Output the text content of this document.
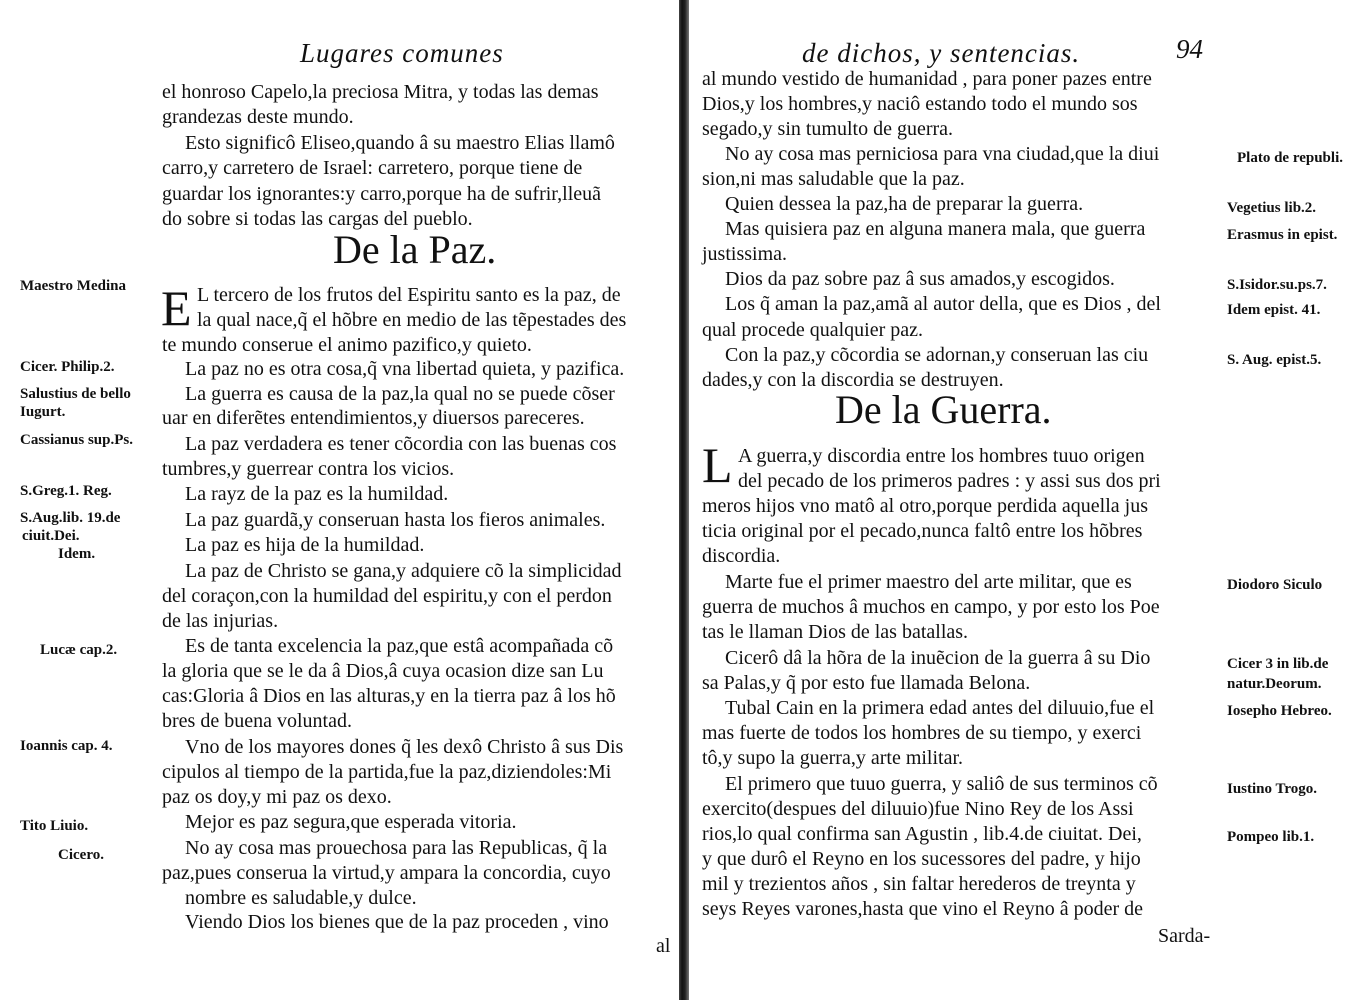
Lugares comunes
el honroso Capelo,la preciosa Mitra, y todas las demas
grandezas deste mundo.
Esto significô Eliseo,quando â su maestro Elias llamô
carro,y carretero de Israel: carretero, porque tiene de
guardar los ignorantes:y carro,porque ha de sufrir,lleuã
do sobre si todas las cargas del pueblo.
De la Paz.
E L tercero de los frutos del Espiritu santo es la paz, de
la qual nace,q̃ el hõbre en medio de las tẽpestades des
te mundo conserue el animo pazifico,y quieto.
La paz no es otra cosa,q̃ vna libertad quieta, y pazifica.
La guerra es causa de la paz,la qual no se puede cõser
uar en diferẽtes entendimientos,y diuersos pareceres.
La paz verdadera es tener cõcordia con las buenas cos
tumbres,y guerrear contra los vicios.
La rayz de la paz es la humildad.
La paz guardã,y conseruan hasta los fieros animales.
La paz es hija de la humildad.
La paz de Christo se gana,y adquiere cõ la simplicidad
del coraçon,con la humildad del espiritu,y con el perdon
de las injurias.
Es de tanta excelencia la paz,que estâ acompañada cõ
la gloria que se le da â Dios,â cuya ocasion dize san Lu
cas:Gloria â Dios en las alturas,y en la tierra paz â los hõ
bres de buena voluntad.
Vno de los mayores dones q̃ les dexô Christo â sus Dis
cipulos al tiempo de la partida,fue la paz,diziendoles:Mi
paz os doy,y mi paz os dexo.
Mejor es paz segura,que esperada vitoria.
No ay cosa mas prouechosa para las Republicas, q̃ la
paz,pues conserua la virtud,y ampara la concordia, cuyo
nombre es saludable,y dulce.
Viendo Dios los bienes que de la paz proceden , vino
al
Maestro Medina
Cicer. Philip.2.
Salustius de bello
Iugurt.
Cassianus sup.Ps.
S.Greg.1. Reg.
S.Aug.lib. 19.de
ciuit.Dei.
Idem.
Lucæ cap.2.
Ioannis cap. 4.
Tito Liuio.
Cicero.
de dichos, y sentencias.	94
al mundo vestido de humanidad , para poner pazes entre
Dios,y los hombres,y naciô estando todo el mundo sos
segado,y sin tumulto de guerra.
No ay cosa mas perniciosa para vna ciudad,que la diui
sion,ni mas saludable que la paz.
Quien dessea la paz,ha de preparar la guerra.
Mas quisiera paz en alguna manera mala, que guerra
justissima.
Dios da paz sobre paz â sus amados,y escogidos.
Los q̃ aman la paz,amã al autor della, que es Dios , del
qual procede qualquier paz.
Con la paz,y cõcordia se adornan,y conseruan las ciu
dades,y con la discordia se destruyen.
De la Guerra.
L A guerra,y discordia entre los hombres tuuo origen
del pecado de los primeros padres : y assi sus dos pri
meros hijos vno matô al otro,porque perdida aquella jus
ticia original por el pecado,nunca faltô entre los hõbres
discordia.
Marte fue el primer maestro del arte militar, que es
guerra de muchos â muchos en campo, y por esto los Poe
tas le llaman Dios de las batallas.
Cicerô dâ la hõra de la inuẽcion de la guerra â su Dio
sa Palas,y q̃ por esto fue llamada Belona.
Tubal Cain en la primera edad antes del diluuio,fue el
mas fuerte de todos los hombres de su tiempo, y exerci
tô,y supo la guerra,y arte militar.
El primero que tuuo guerra, y saliô de sus terminos cõ
exercito(despues del diluuio)fue Nino Rey de los Assi
rios,lo qual confirma san Agustin , lib.4.de ciuitat. Dei,
y que durô el Reyno en los sucessores del padre, y hijo
mil y trezientos años , sin faltar herederos de treynta y
seys Reyes varones,hasta que vino el Reyno â poder de
Sarda-
Plato de republi.
Vegetius lib.2.
Erasmus in epist.
S.Isidor.su.ps.7.
Idem epist. 41.
S. Aug. epist.5.
Diodoro Siculo
Cicer 3 in lib.de
natur.Deorum.
Iosepho Hebreo.
Iustino Trogo.
Pompeo lib.1.
